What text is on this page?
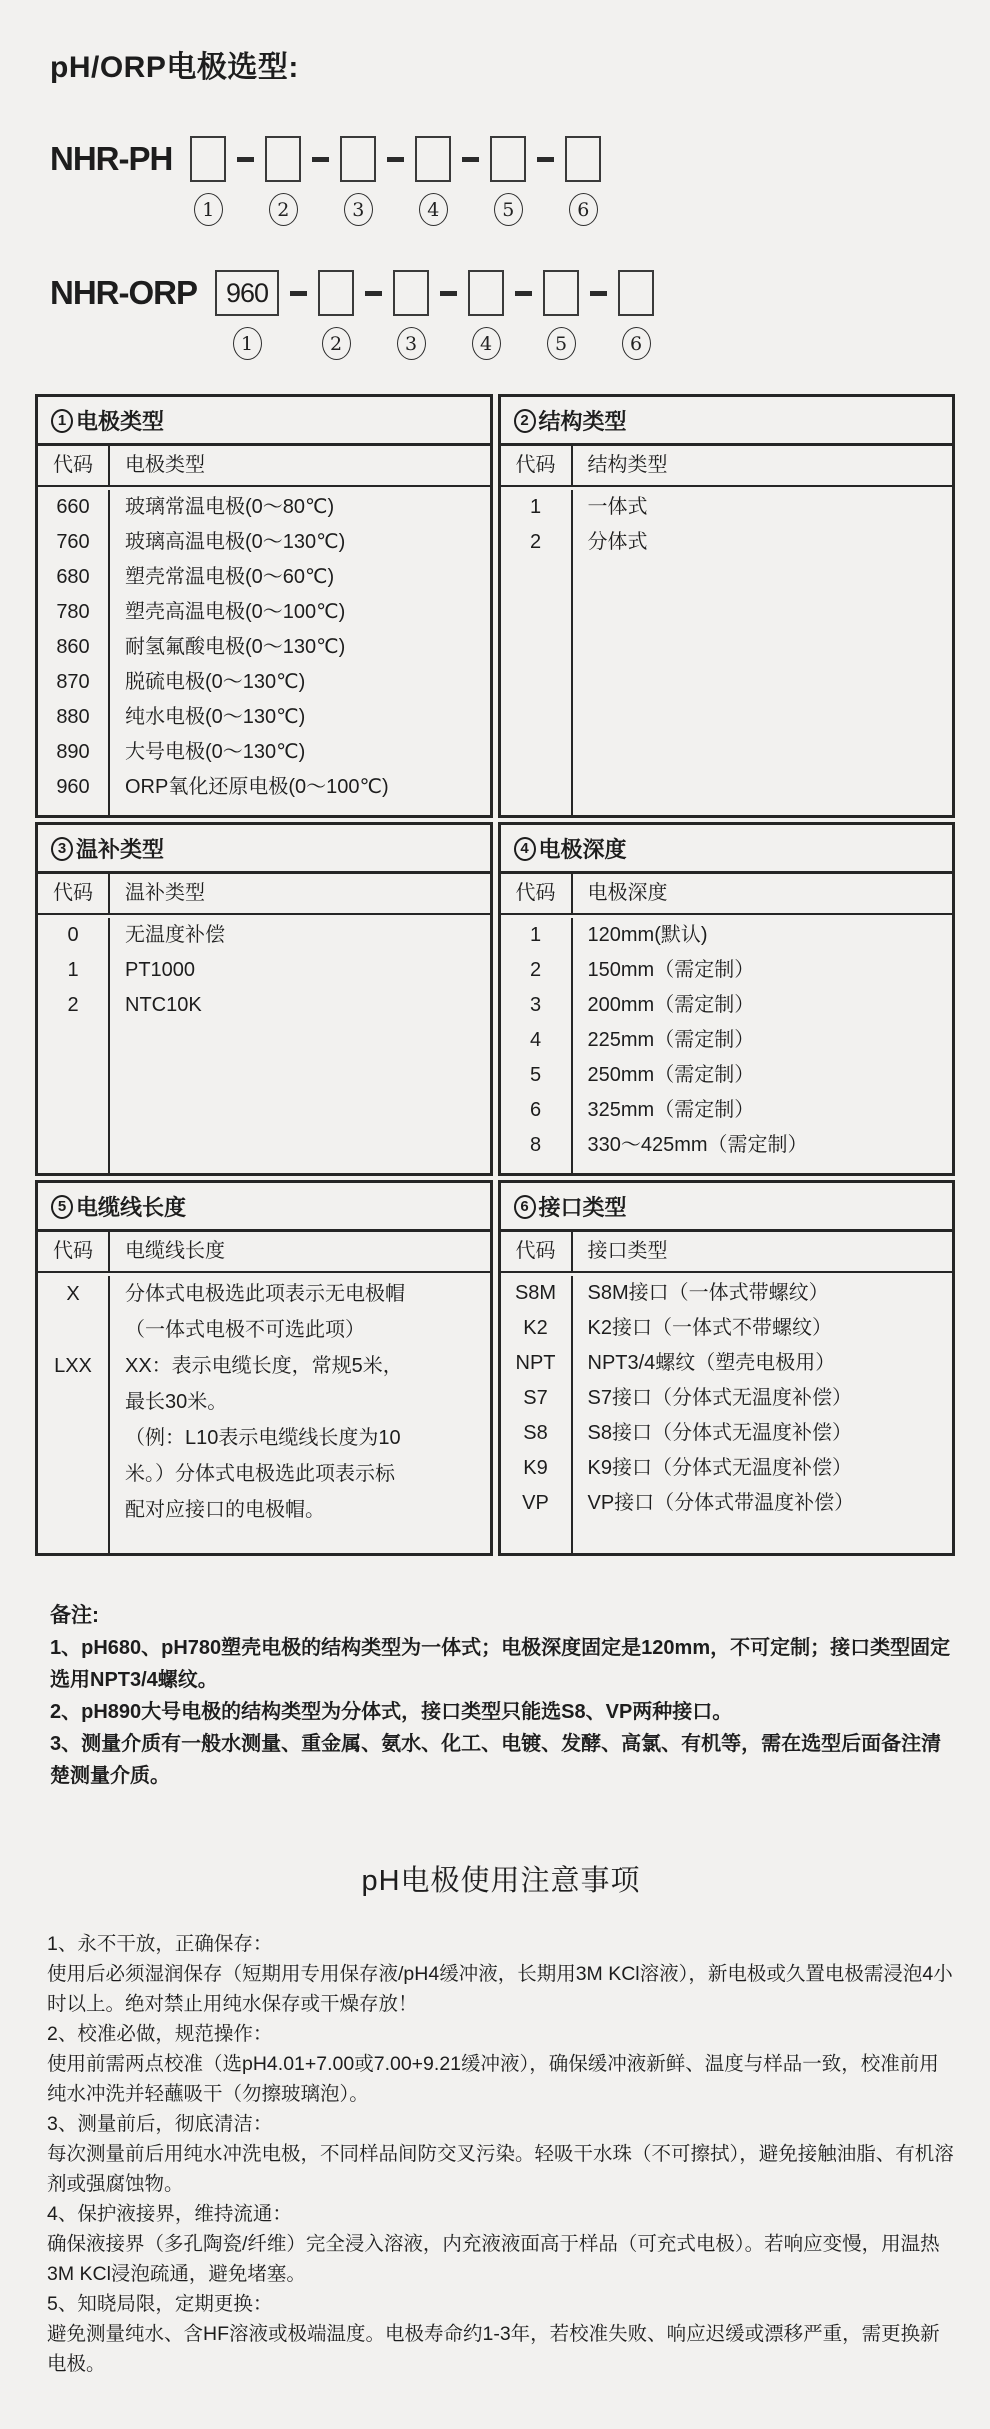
pH/ORP电极选型:
NHR-PH
1	2	3	4	5	6
NHR-ORP	960
1	2	3	4	5	6
1 电极类型
代码	电极类型
660	玻璃常温电极(0～80℃)
760	玻璃高温电极(0～130℃)
680	塑壳常温电极(0～60℃)
780	塑壳高温电极(0～100℃)
860	耐氢氟酸电极(0～130℃)
870	脱硫电极(0～130℃)
880	纯水电极(0～130℃)
890	大号电极(0～130℃)
960	ORP氧化还原电极(0～100℃)
2 结构类型
代码	结构类型
1	一体式
2	分体式
3 温补类型
代码	温补类型
0	无温度补偿
1	PT1000
2	NTC10K
4 电极深度
代码	电极深度
1	120mm(默认)
2	150mm（需定制）
3	200mm（需定制）
4	225mm（需定制）
5	250mm（需定制）
6	325mm（需定制）
8	330～425mm（需定制）
5 电缆线长度
代码	电缆线长度
X	分体式电极选此项表示无电极帽
（一体式电极不可选此项）
LXX	XX：表示电缆长度，常规5米，
最长30米。
（例：L10表示电缆线长度为10
米。）分体式电极选此项表示标
配对应接口的电极帽。
6 接口类型
代码	接口类型
S8M	S8M接口（一体式带螺纹）
K2	K2接口（一体式不带螺纹）
NPT	NPT3/4螺纹（塑壳电极用）
S7	S7接口（分体式无温度补偿）
S8	S8接口（分体式无温度补偿）
K9	K9接口（分体式无温度补偿）
VP	VP接口（分体式带温度补偿）
备注:

1、pH680、pH780塑壳电极的结构类型为一体式；电极深度固定是120mm，不可定制；接口类型固定选用NPT3/4螺纹。

2、pH890大号电极的结构类型为分体式，接口类型只能选S8、VP两种接口。

3、测量介质有一般水测量、重金属、氨水、化工、电镀、发酵、高氯、有机等，需在选型后面备注清楚测量介质。

pH电极使用注意事项
1、永不干放，正确保存：

使用后必须湿润保存（短期用专用保存液/pH4缓冲液，长期用3M KCl溶液），新电极或久置电极需浸泡4小时以上。绝对禁止用纯水保存或干燥存放！

2、校准必做，规范操作：

使用前需两点校准（选pH4.01+7.00或7.00+9.21缓冲液），确保缓冲液新鲜、温度与样品一致，校准前用纯水冲洗并轻蘸吸干（勿擦玻璃泡）。

3、测量前后，彻底清洁：

每次测量前后用纯水冲洗电极，不同样品间防交叉污染。轻吸干水珠（不可擦拭），避免接触油脂、有机溶剂或强腐蚀物。

4、保护液接界，维持流通：

确保液接界（多孔陶瓷/纤维）完全浸入溶液，内充液液面高于样品（可充式电极）。若响应变慢，用温热3M KCl浸泡疏通，避免堵塞。

5、知晓局限，定期更换：

避免测量纯水、含HF溶液或极端温度。电极寿命约1-3年，若校准失败、响应迟缓或漂移严重，需更换新电极。
